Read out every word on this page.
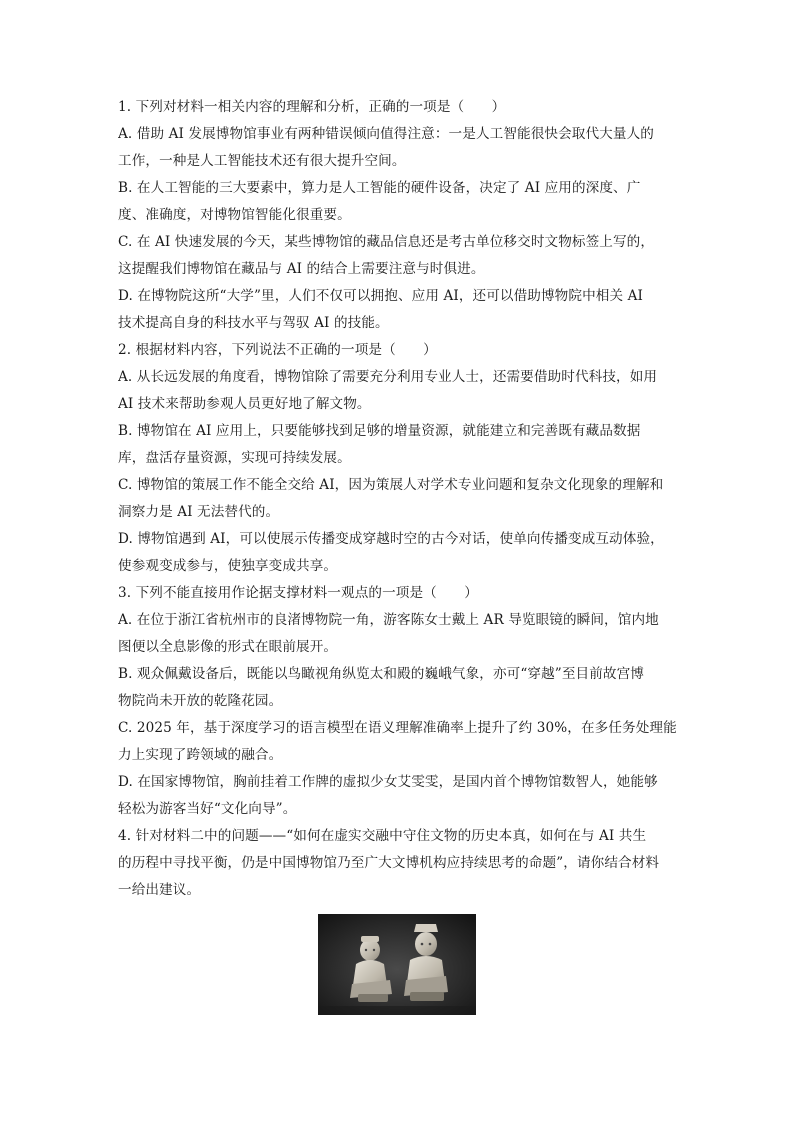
1. 下列对材料一相关内容的理解和分析，正确的一项是（　　）
A. 借助 AI 发展博物馆事业有两种错误倾向值得注意：一是人工智能很快会取代大量人的
工作，一种是人工智能技术还有很大提升空间。
B. 在人工智能的三大要素中，算力是人工智能的硬件设备，决定了 AI 应用的深度、广
度、准确度，对博物馆智能化很重要。
C. 在 AI 快速发展的今天，某些博物馆的藏品信息还是考古单位移交时文物标签上写的，
这提醒我们博物馆在藏品与 AI 的结合上需要注意与时俱进。
D. 在博物院这所“大学”里，人们不仅可以拥抱、应用 AI，还可以借助博物院中相关 AI
技术提高自身的科技水平与驾驭 AI 的技能。
2. 根据材料内容，下列说法不正确的一项是（　　）
A. 从长远发展的角度看，博物馆除了需要充分利用专业人士，还需要借助时代科技，如用
AI 技术来帮助参观人员更好地了解文物。
B. 博物馆在 AI 应用上，只要能够找到足够的增量资源，就能建立和完善既有藏品数据
库，盘活存量资源，实现可持续发展。
C. 博物馆的策展工作不能全交给 AI，因为策展人对学术专业问题和复杂文化现象的理解和
洞察力是 AI 无法替代的。
D. 博物馆遇到 AI，可以使展示传播变成穿越时空的古今对话，使单向传播变成互动体验，
使参观变成参与，使独享变成共享。
3. 下列不能直接用作论据支撑材料一观点的一项是（　　）
A. 在位于浙江省杭州市的良渚博物院一角，游客陈女士戴上 AR 导览眼镜的瞬间，馆内地
图便以全息影像的形式在眼前展开。
B. 观众佩戴设备后，既能以鸟瞰视角纵览太和殿的巍峨气象，亦可“穿越”至目前故宫博
物院尚未开放的乾隆花园。
C. 2025 年，基于深度学习的语言模型在语义理解准确率上提升了约 30%，在多任务处理能
力上实现了跨领域的融合。
D. 在国家博物馆，胸前挂着工作牌的虚拟少女艾雯雯，是国内首个博物馆数智人，她能够
轻松为游客当好“文化向导”。
4. 针对材料二中的问题——“如何在虚实交融中守住文物的历史本真，如何在与 AI 共生
的历程中寻找平衡，仍是中国博物馆乃至广大文博机构应持续思考的命题”，请你结合材料
一给出建议。
